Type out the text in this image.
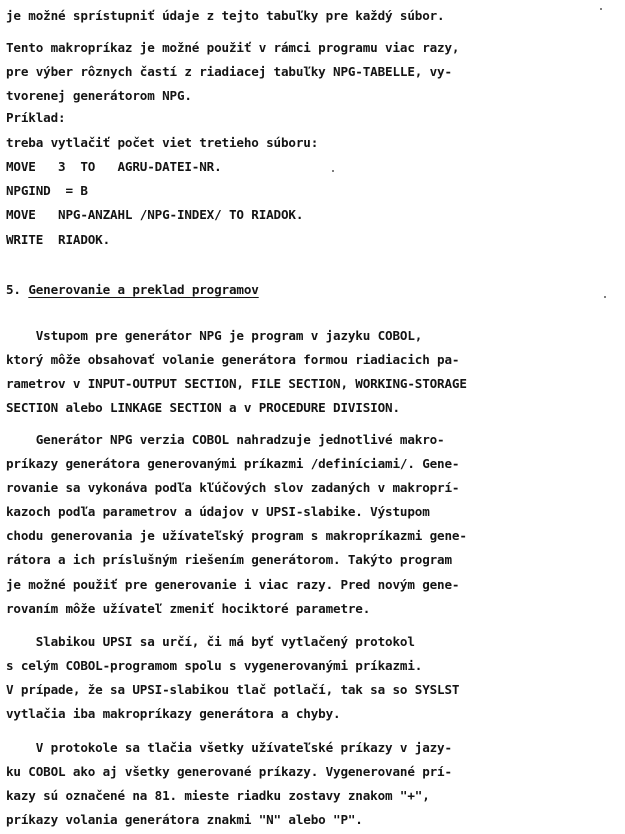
je možné sprístupniť údaje z tejto tabuľky pre každý súbor.

Tento makropríkaz je možné použiť v rámci programu viac razy,

pre výber rôznych častí z riadiacej tabuľky NPG-TABELLE, vy-

tvorenej generátorom NPG.

Príklad:

treba vytlačiť počet viet tretieho súboru:

MOVE   3  TO   AGRU-DATEI-NR.

NPGIND  = B

MOVE   NPG-ANZAHL /NPG-INDEX/ TO RIADOK.

WRITE  RIADOK.

5. Generovanie a preklad programov

Vstupom pre generátor NPG je program v jazyku COBOL,

ktorý môže obsahovať volanie generátora formou riadiacich pa-

rametrov v INPUT-OUTPUT SECTION, FILE SECTION, WORKING-STORAGE

SECTION alebo LINKAGE SECTION a v PROCEDURE DIVISION.

Generátor NPG verzia COBOL nahradzuje jednotlivé makro-

príkazy generátora generovanými príkazmi /definíciami/. Gene-

rovanie sa vykonáva podľa kľúčových slov zadaných v makroprí-

kazoch podľa parametrov a údajov v UPSI-slabike. Výstupom

chodu generovania je užívateľský program s makropríkazmi gene-

rátora a ich príslušným riešením generátorom. Takýto program

je možné použiť pre generovanie i viac razy. Pred novým gene-

rovaním môže užívateľ zmeniť hociktoré parametre.

Slabikou UPSI sa určí, či má byť vytlačený protokol

s celým COBOL-programom spolu s vygenerovanými príkazmi.

V prípade, že sa UPSI-slabikou tlač potlačí, tak sa so SYSLST

vytlačia iba makropríkazy generátora a chyby.

V protokole sa tlačia všetky užívateľské príkazy v jazy-

ku COBOL ako aj všetky generované príkazy. Vygenerované prí-

kazy sú označené na 81. mieste riadku zostavy znakom "+",

príkazy volania generátora znakmi "N" alebo "P".
